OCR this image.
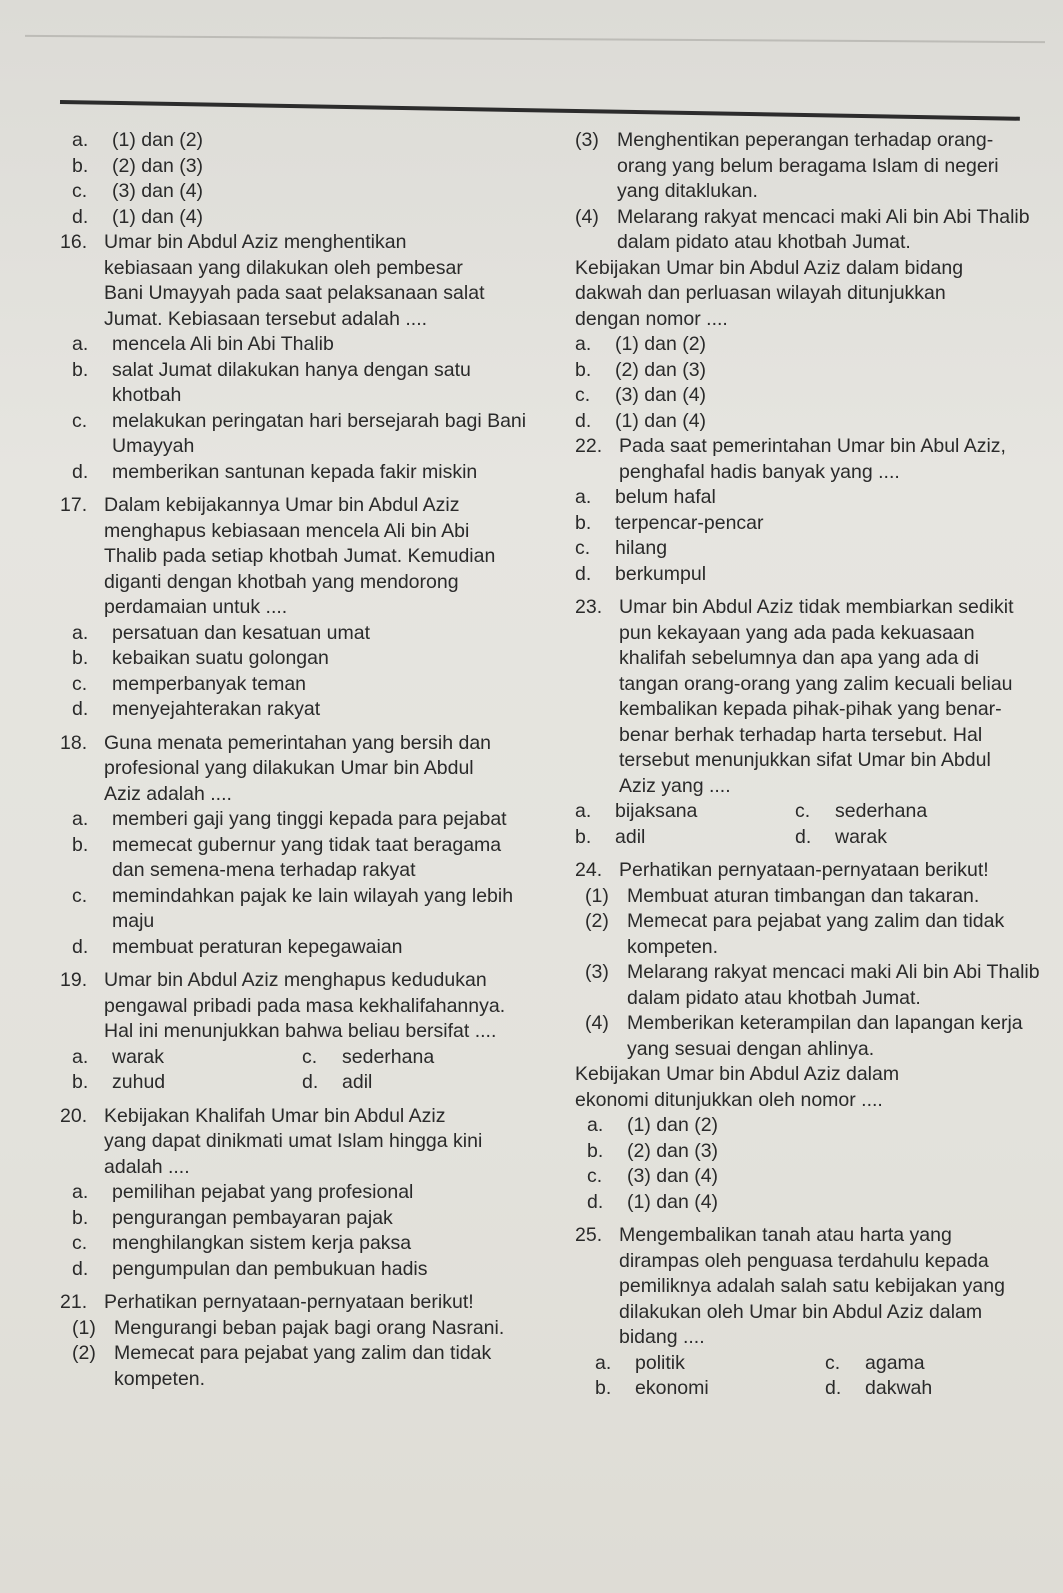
a.	(1) dan (2)
b.	(2) dan (3)
c.	(3) dan (4)
d.	(1) dan (4)
16. Umar bin Abdul Aziz menghentikan
kebiasaan yang dilakukan oleh pembesar
Bani Umayyah pada saat pelaksanaan salat
Jumat. Kebiasaan tersebut adalah ....
a.	mencela Ali bin Abi Thalib
b.	salat Jumat dilakukan hanya dengan satu khotbah
c.	melakukan peringatan hari bersejarah bagi Bani Umayyah
d.	memberikan santunan kepada fakir miskin
17. Dalam kebijakannya Umar bin Abdul Aziz
menghapus kebiasaan mencela Ali bin Abi
Thalib pada setiap khotbah Jumat. Kemudian
diganti dengan khotbah yang mendorong
perdamaian untuk ....
a.	persatuan dan kesatuan umat
b.	kebaikan suatu golongan
c.	memperbanyak teman
d.	menyejahterakan rakyat
18. Guna menata pemerintahan yang bersih dan
profesional yang dilakukan Umar bin Abdul
Aziz adalah ....
a.	memberi gaji yang tinggi kepada para pejabat
b.	memecat gubernur yang tidak taat beragama dan semena-mena terhadap rakyat
c.	memindahkan pajak ke lain wilayah yang lebih maju
d.	membuat peraturan kepegawaian
19. Umar bin Abdul Aziz menghapus kedudukan
pengawal pribadi pada masa kekhalifahannya.
Hal ini menunjukkan bahwa beliau bersifat ....
a.	warak	c.	sederhana
b.	zuhud	d.	adil
20. Kebijakan Khalifah Umar bin Abdul Aziz
yang dapat dinikmati umat Islam hingga kini
adalah ....
a.	pemilihan pejabat yang profesional
b.	pengurangan pembayaran pajak
c.	menghilangkan sistem kerja paksa
d.	pengumpulan dan pembukuan hadis
21. Perhatikan pernyataan-pernyataan berikut!
(1) Mengurangi beban pajak bagi orang Nasrani.
(2) Memecat para pejabat yang zalim dan tidak kompeten.
(3) Menghentikan peperangan terhadap orang-orang yang belum beragama Islam di negeri yang ditaklukan.
(4) Melarang rakyat mencaci maki Ali bin Abi Thalib dalam pidato atau khotbah Jumat.
Kebijakan Umar bin Abdul Aziz dalam bidang
dakwah dan perluasan wilayah ditunjukkan
dengan nomor ....
a.	(1) dan (2)
b.	(2) dan (3)
c.	(3) dan (4)
d.	(1) dan (4)
22. Pada saat pemerintahan Umar bin Abul Aziz,
penghafal hadis banyak yang ....
a.	belum hafal
b.	terpencar-pencar
c.	hilang
d.	berkumpul
23. Umar bin Abdul Aziz tidak membiarkan sedikit
pun kekayaan yang ada pada kekuasaan
khalifah sebelumnya dan apa yang ada di
tangan orang-orang yang zalim kecuali beliau
kembalikan kepada pihak-pihak yang benar-
benar berhak terhadap harta tersebut. Hal
tersebut menunjukkan sifat Umar bin Abdul
Aziz yang ....
a.	bijaksana	c.	sederhana
b.	adil	d.	warak
24. Perhatikan pernyataan-pernyataan berikut!
(1) Membuat aturan timbangan dan takaran.
(2) Memecat para pejabat yang zalim dan tidak kompeten.
(3) Melarang rakyat mencaci maki Ali bin Abi Thalib dalam pidato atau khotbah Jumat.
(4) Memberikan keterampilan dan lapangan kerja yang sesuai dengan ahlinya.
Kebijakan Umar bin Abdul Aziz dalam
ekonomi ditunjukkan oleh nomor ....
a.	(1) dan (2)
b.	(2) dan (3)
c.	(3) dan (4)
d.	(1) dan (4)
25. Mengembalikan tanah atau harta yang
dirampas oleh penguasa terdahulu kepada
pemiliknya adalah salah satu kebijakan yang
dilakukan oleh Umar bin Abdul Aziz dalam
bidang ....
a.	politik	c.	agama
b.	ekonomi	d.	dakwah
